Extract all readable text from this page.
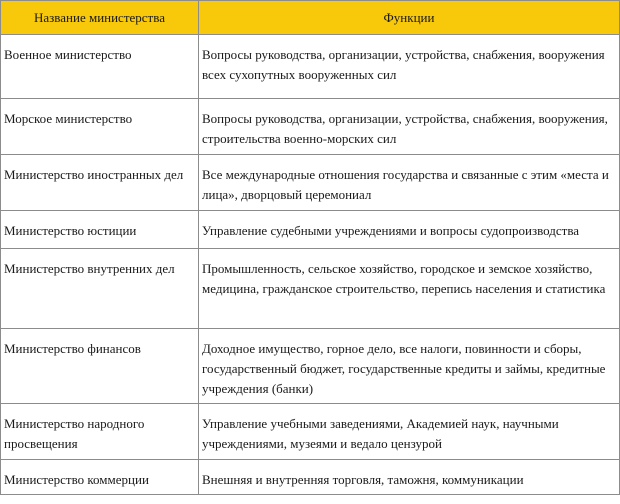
Название министерства	Функции
Военное министерство	Вопросы руководства, организации, устройства, снабжения, вооружения всех сухопутных вооруженных сил
Морское министерство	Вопросы руководства, организации, устройства, снабжения, вооружения, строительства военно-морских сил
Министерство иностранных дел	Все международные отношения государства и связанные с этим «места и лица», дворцовый церемониал
Министерство юстиции	Управление судебными учреждениями и вопросы судопроизводства
Министерство внутренних дел	Промышленность, сельское хозяйство, городское и земское хозяйство, медицина, гражданское строительство, перепись населения и статистика
Министерство финансов	Доходное имущество, горное дело, все налоги, повинности и сборы, государственный бюджет, государственные кредиты и займы, кредитные учреждения (банки)
Министерство народного просвещения	Управление учебными заведениями, Академией наук, научными учреждениями, музеями и ведало цензурой
Министерство коммерции	Внешняя и внутренняя торговля, таможня, коммуникации
